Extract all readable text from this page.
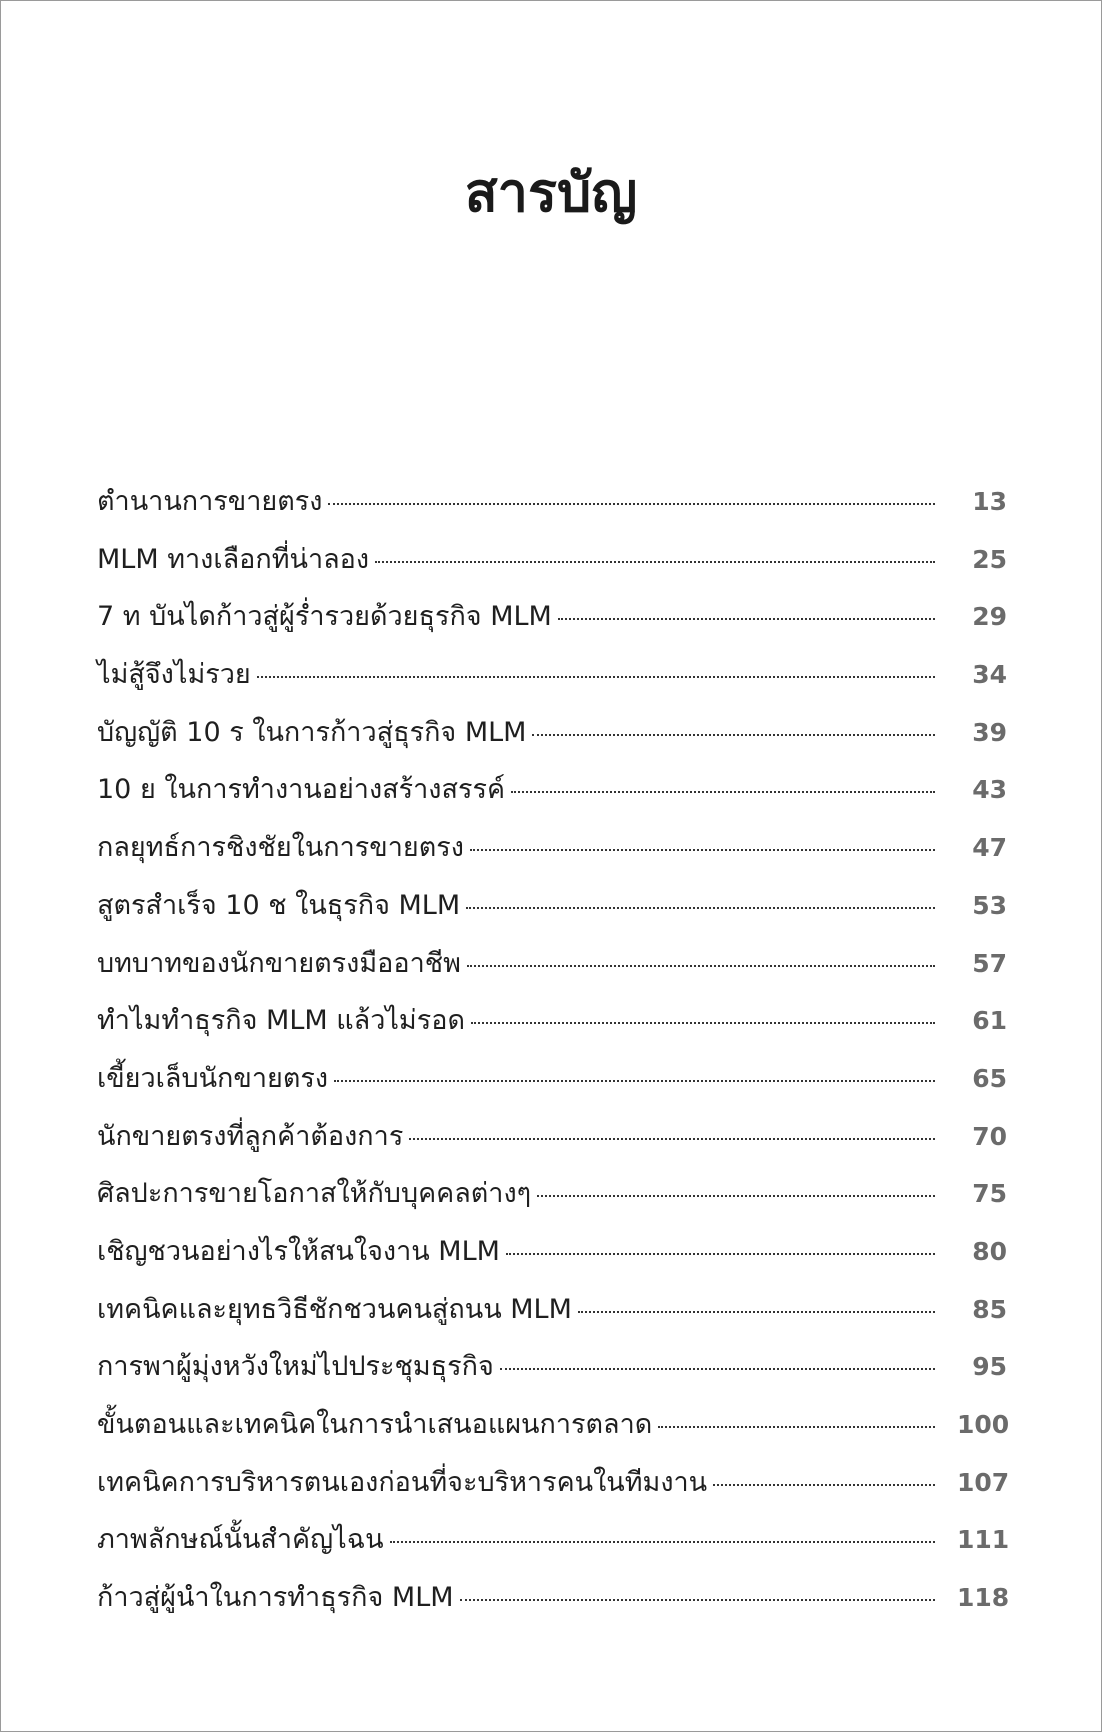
สารบัญ
ตำนานการขายตรง	13
MLM ทางเลือกที่น่าลอง	25
7 ท บันไดก้าวสู่ผู้ร่ำรวยด้วยธุรกิจ MLM	29
ไม่สู้จึงไม่รวย	34
บัญญัติ 10 ร ในการก้าวสู่ธุรกิจ MLM	39
10 ย ในการทำงานอย่างสร้างสรรค์	43
กลยุทธ์การชิงชัยในการขายตรง	47
สูตรสำเร็จ 10 ช ในธุรกิจ MLM	53
บทบาทของนักขายตรงมืออาชีพ	57
ทำไมทำธุรกิจ MLM แล้วไม่รอด	61
เขี้ยวเล็บนักขายตรง	65
นักขายตรงที่ลูกค้าต้องการ	70
ศิลปะการขายโอกาสให้กับบุคคลต่างๆ	75
เชิญชวนอย่างไรให้สนใจงาน MLM	80
เทคนิคและยุทธวิธีชักชวนคนสู่ถนน MLM	85
การพาผู้มุ่งหวังใหม่ไปประชุมธุรกิจ	95
ขั้นตอนและเทคนิคในการนำเสนอแผนการตลาด	100
เทคนิคการบริหารตนเองก่อนที่จะบริหารคนในทีมงาน	107
ภาพลักษณ์นั้นสำคัญไฉน	111
ก้าวสู่ผู้นำในการทำธุรกิจ MLM	118
